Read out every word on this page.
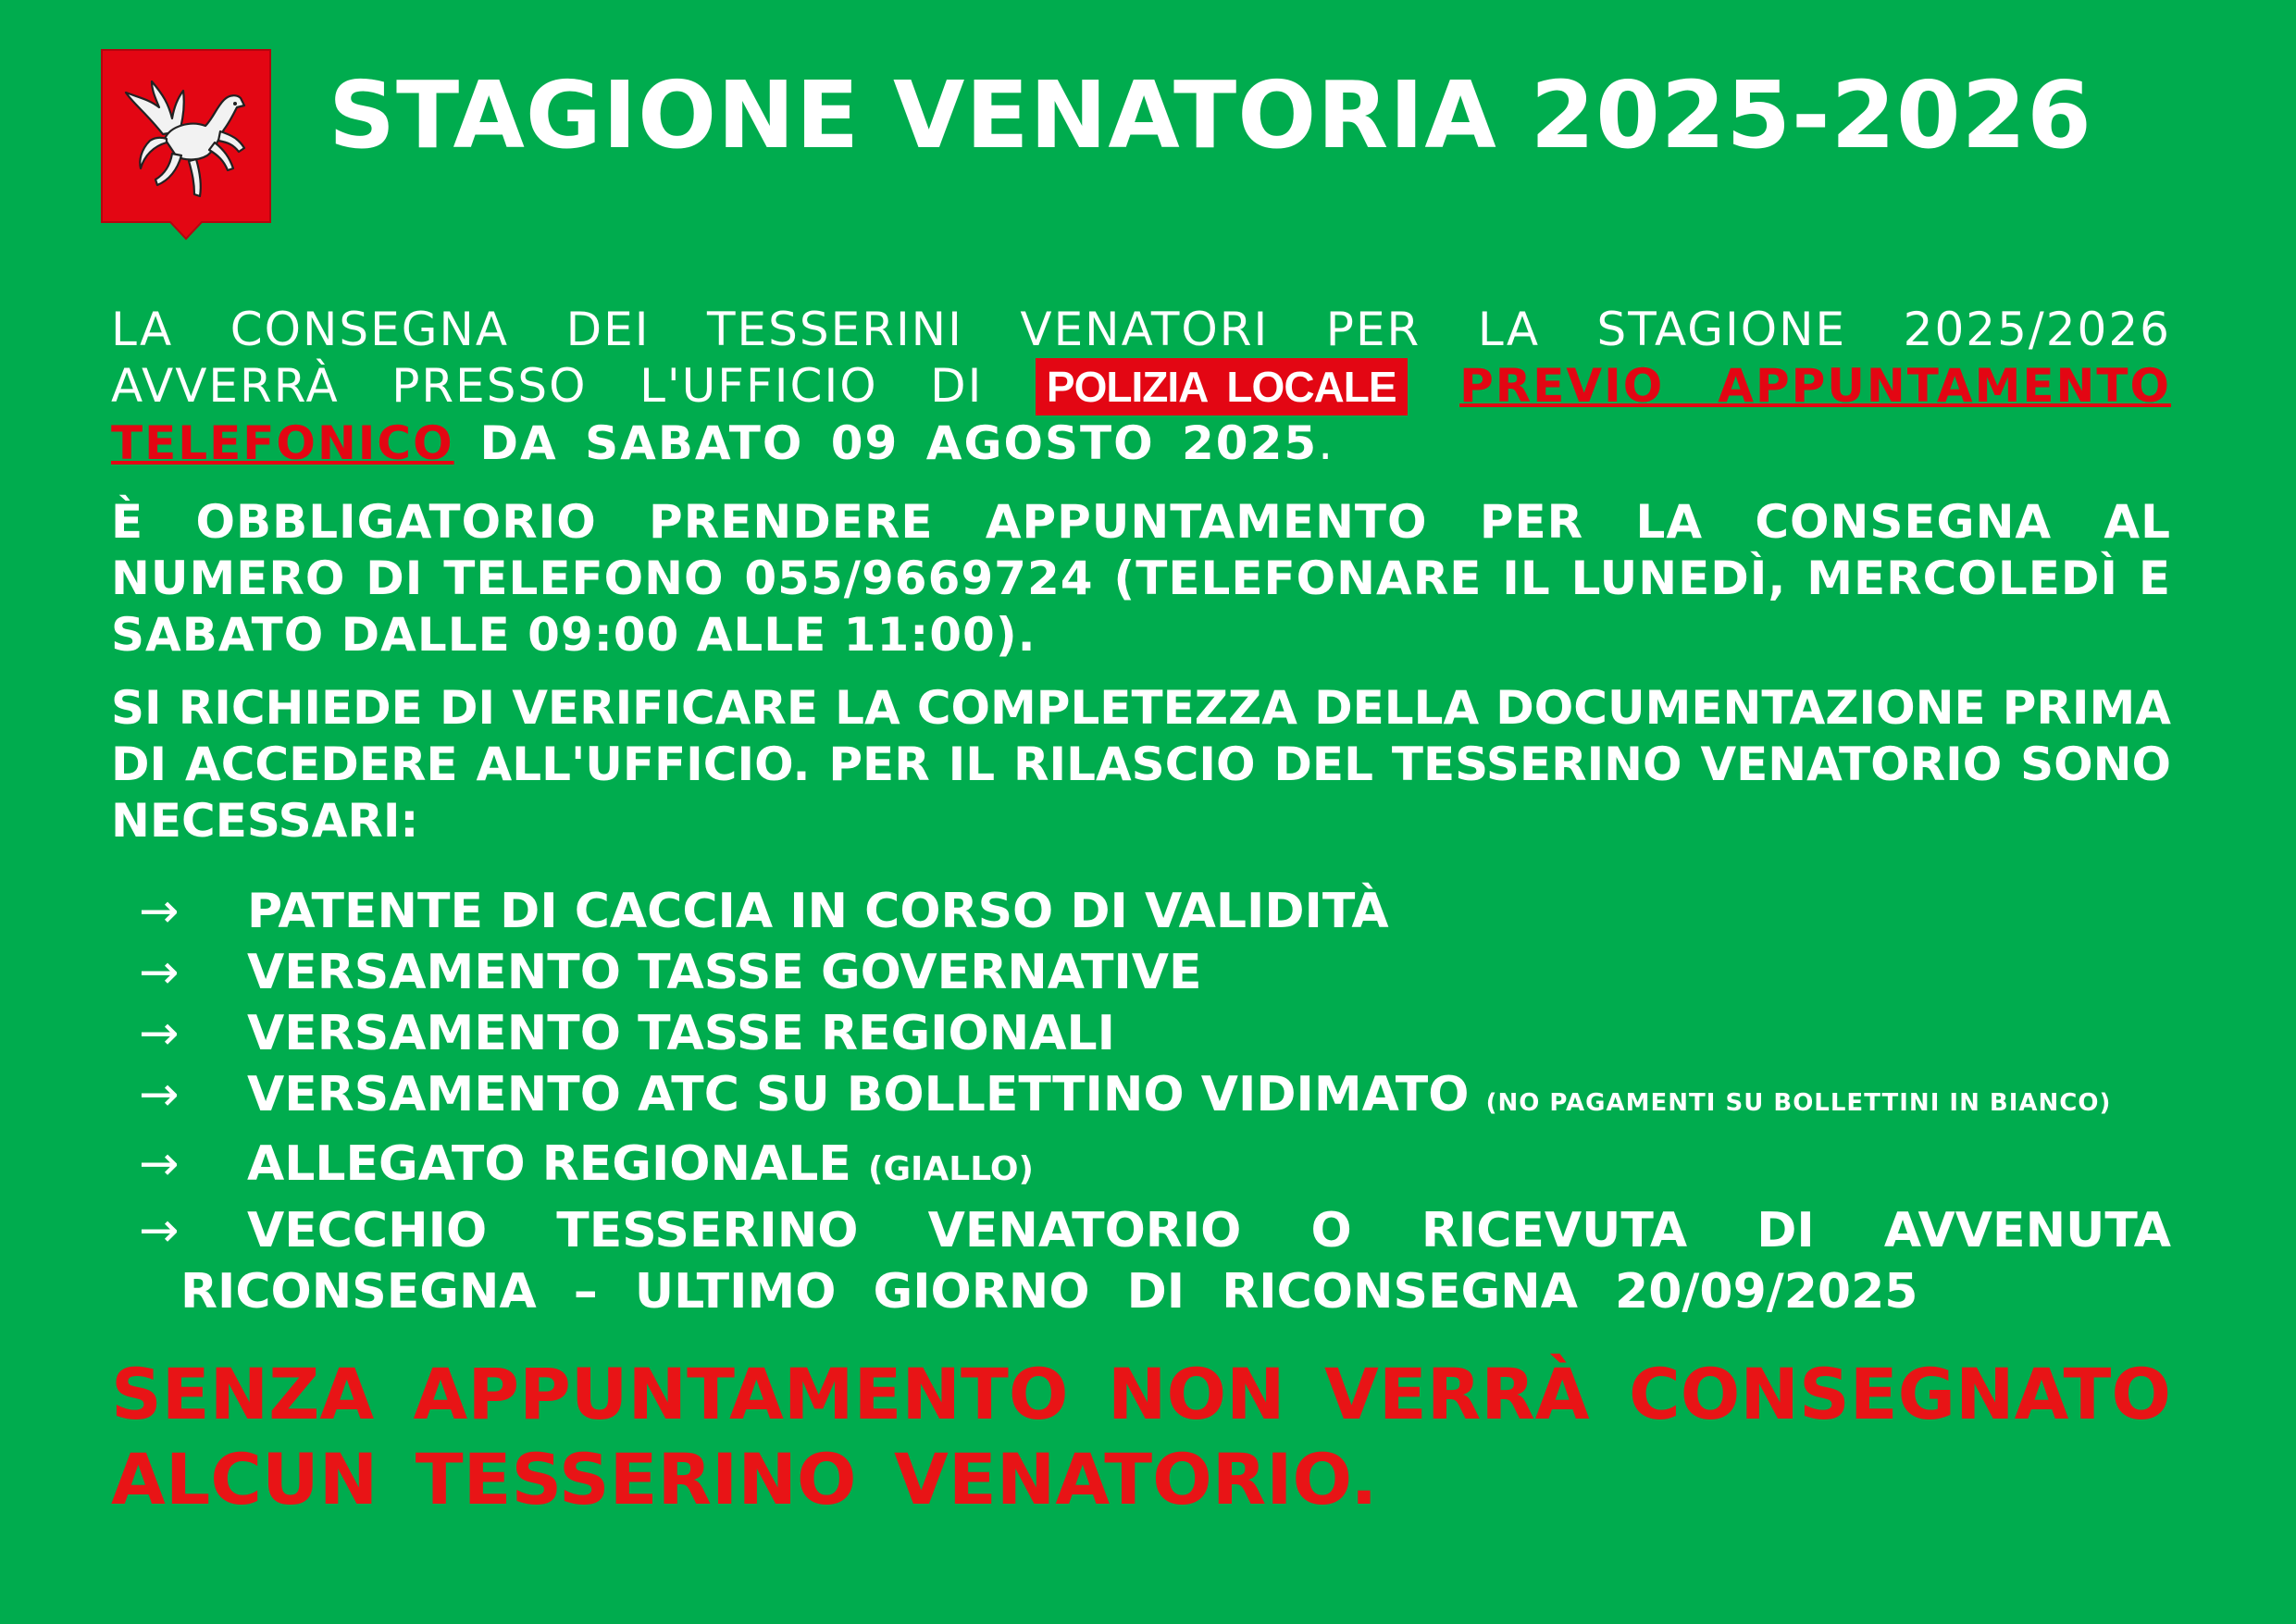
STAGIONE VENATORIA 2025-2026

LA CONSEGNA DEI TESSERINI VENATORI PER LA STAGIONE 2025/2026 AVVERRÀ PRESSO L'UFFICIO DI POLIZIA LOCALE PREVIO APPUNTAMENTO TELEFONICO DA SABATO 09 AGOSTO 2025.

È OBBLIGATORIO PRENDERE APPUNTAMENTO PER LA CONSEGNA AL NUMERO DI TELEFONO 055/9669724 (TELEFONARE IL LUNEDÌ, MERCOLEDÌ E SABATO DALLE 09:00 ALLE 11:00).

SI RICHIEDE DI VERIFICARE LA COMPLETEZZA DELLA DOCUMENTAZIONE PRIMA DI ACCEDERE ALL'UFFICIO. PER IL RILASCIO DEL TESSERINO VENATORIO SONO NECESSARI:

→ PATENTE DI CACCIA IN CORSO DI VALIDITÀ
→ VERSAMENTO TASSE GOVERNATIVE
→ VERSAMENTO TASSE REGIONALI
→ VERSAMENTO ATC SU BOLLETTINO VIDIMATO (NO PAGAMENTI SU BOLLETTINI IN BIANCO)
→ ALLEGATO REGIONALE (GIALLO)
→ VECCHIO TESSERINO VENATORIO O RICEVUTA DI AVVENUTA RICONSEGNA – ULTIMO GIORNO DI RICONSEGNA 20/09/2025
SENZA APPUNTAMENTO NON VERRÀ CONSEGNATO ALCUN TESSERINO VENATORIO.
